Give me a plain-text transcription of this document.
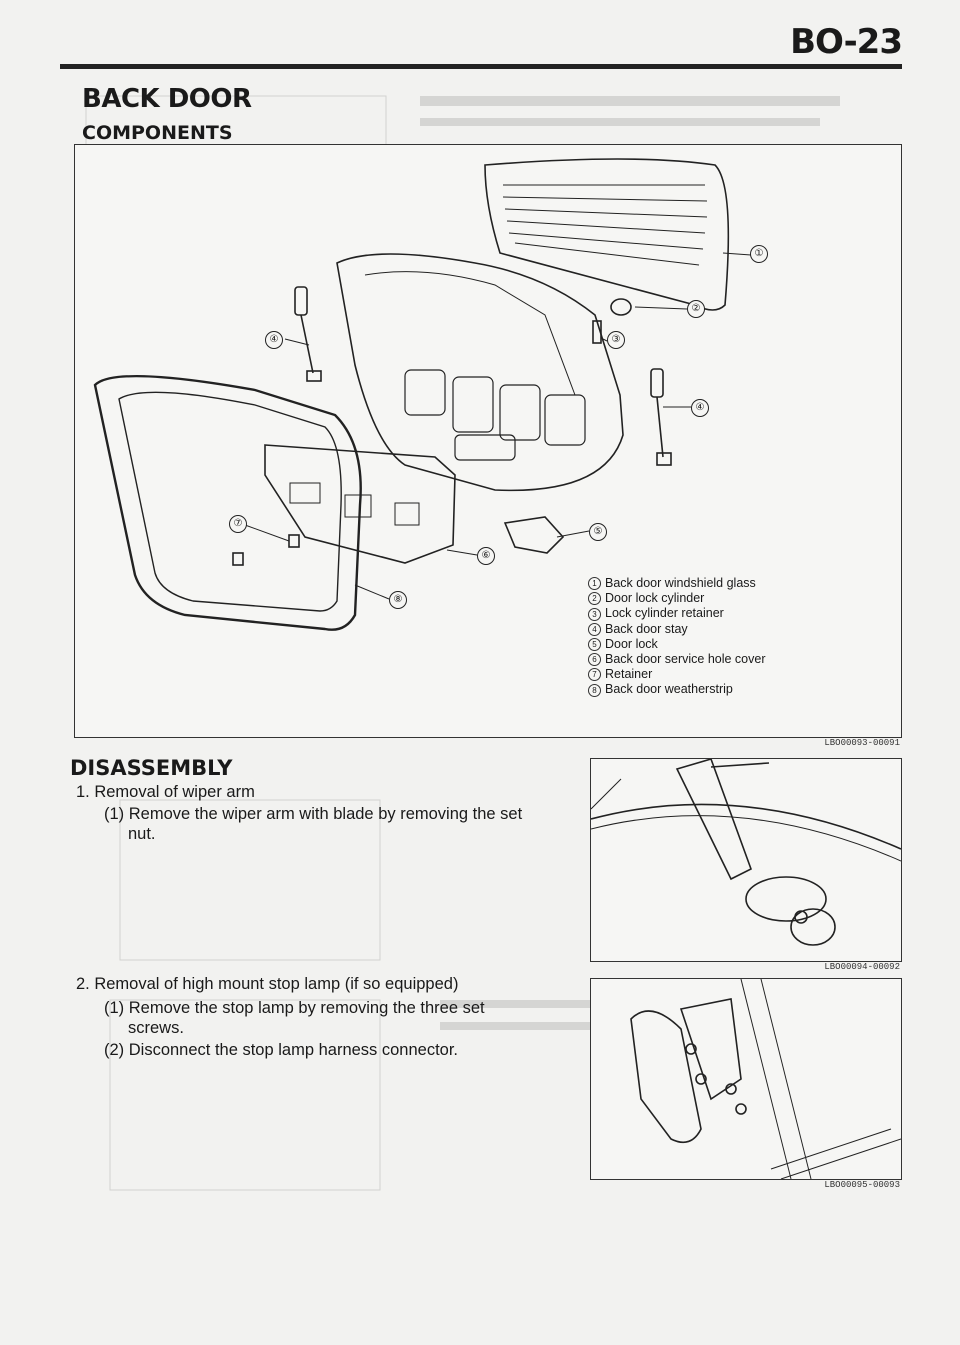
BO-23
BACK DOOR
COMPONENTS
①
②
③
④
④
⑤
⑥
⑦
⑧
1 Back door windshield glass
2 Door lock cylinder
3 Lock cylinder retainer
4 Back door stay
5 Door lock
6 Back door service hole cover
7 Retainer
8 Back door weatherstrip
LBO00093-00091
DISASSEMBLY

1. Removal of wiper arm

(1) Remove the wiper arm with blade by removing the set
nut.
LBO00094-00092

2. Removal of high mount stop lamp (if so equipped)

(1) Remove the stop lamp by removing the three set
screws.

(2) Disconnect the stop lamp harness connector.

LBO00095-00093
